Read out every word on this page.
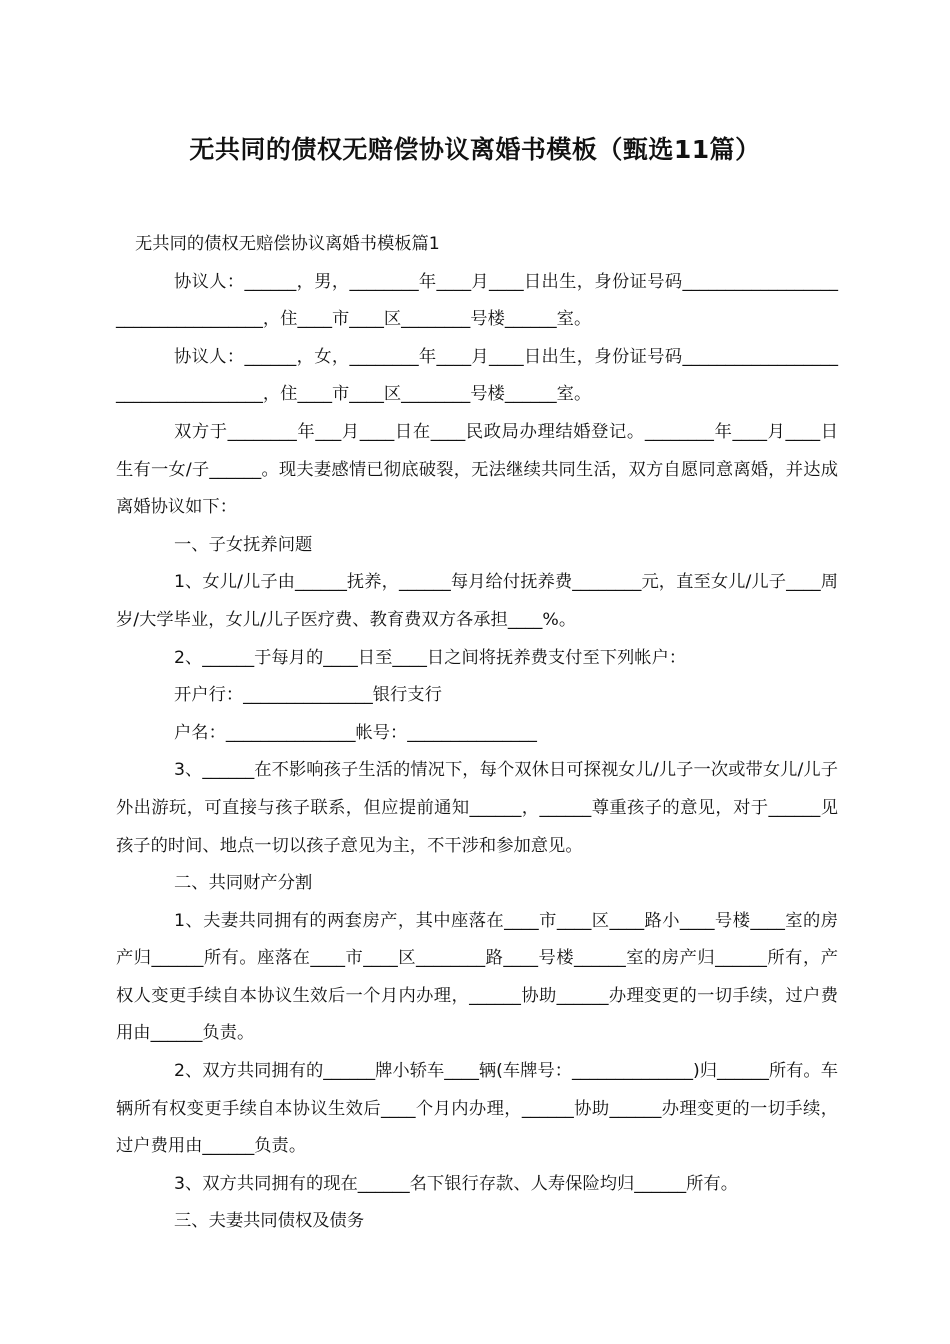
无共同的债权无赔偿协议离婚书模板（甄选11篇）

无共同的债权无赔偿协议离婚书模板篇1

协议人：______，男，________年____月____日出生，身份证号码___________________________________，住____市____区________号楼______室。

协议人：______，女，________年____月____日出生，身份证号码___________________________________，住____市____区________号楼______室。

双方于________年___月____日在____民政局办理结婚登记。________年____月____日生有一女/子______。现夫妻感情已彻底破裂，无法继续共同生活，双方自愿同意离婚，并达成离婚协议如下：

一、子女抚养问题

1、女儿/儿子由______抚养，______每月给付抚养费________元，直至女儿/儿子____周岁/大学毕业，女儿/儿子医疗费、教育费双方各承担____%。

2、______于每月的____日至____日之间将抚养费支付至下列帐户：

开户行：_______________银行支行

户名：_______________帐号：_______________

3、______在不影响孩子生活的情况下，每个双休日可探视女儿/儿子一次或带女儿/儿子外出游玩，可直接与孩子联系，但应提前通知______，______尊重孩子的意见，对于______见孩子的时间、地点一切以孩子意见为主，不干涉和参加意见。

二、共同财产分割

1、夫妻共同拥有的两套房产，其中座落在____市____区____路小____号楼____室的房产归______所有。座落在____市____区________路____号楼______室的房产归______所有，产权人变更手续自本协议生效后一个月内办理，______协助______办理变更的一切手续，过户费用由______负责。

2、双方共同拥有的______牌小轿车____辆(车牌号：______________)归______所有。车辆所有权变更手续自本协议生效后____个月内办理，______协助______办理变更的一切手续，过户费用由______负责。

3、双方共同拥有的现在______名下银行存款、人寿保险均归______所有。

三、夫妻共同债权及债务
